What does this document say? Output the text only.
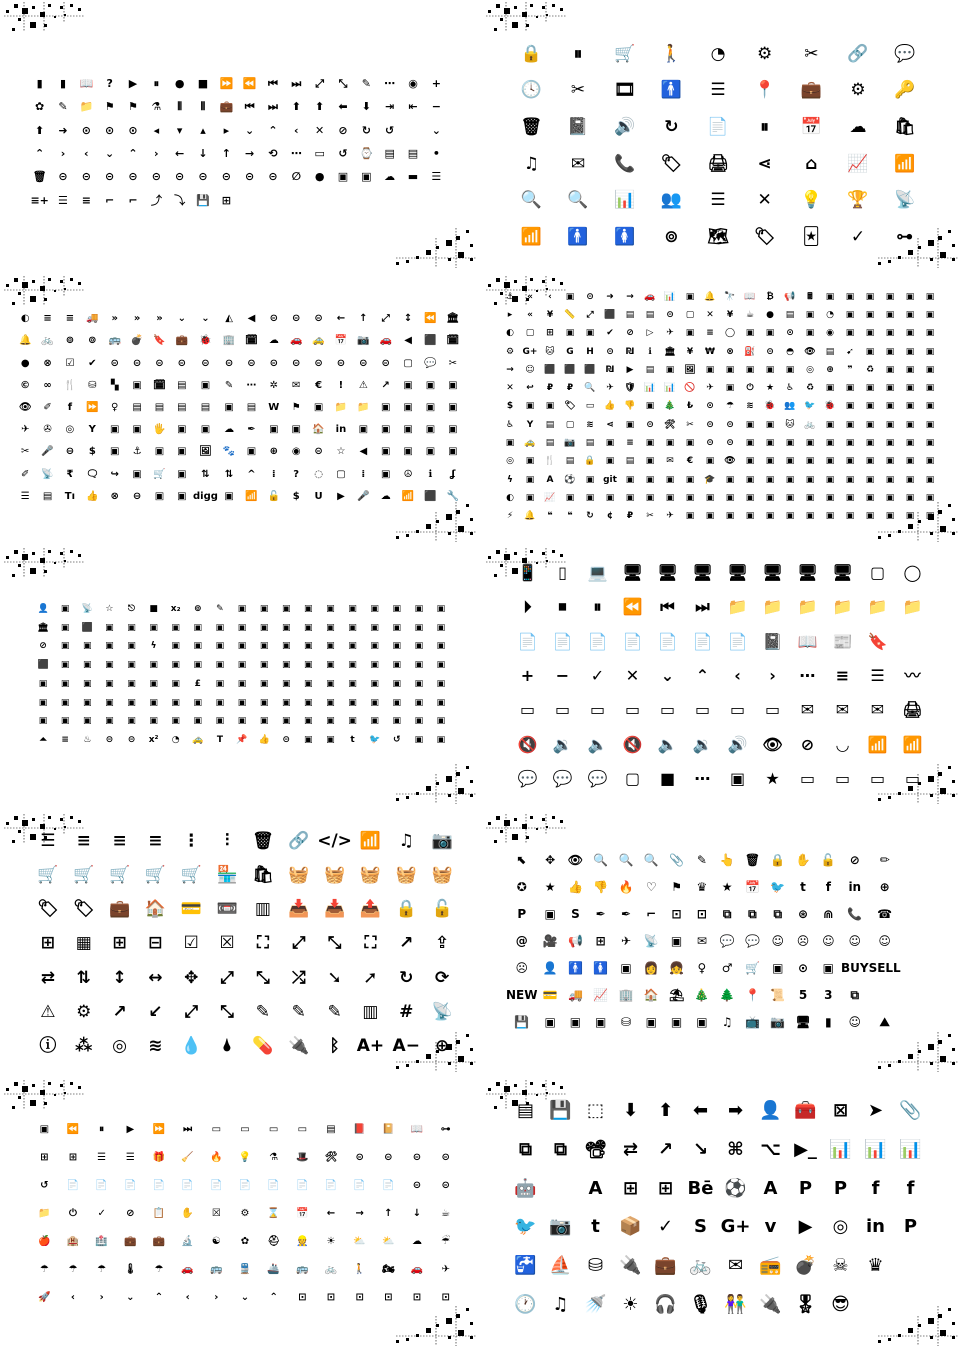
▮ ▮ 📖 ? ▶ ⏸ ● ■ ⏩ ⏪ ⏮ ⏭ ⤢ ⤡ ✎ ⋯ ◉ +
✿ ✎ 📁 ⚑ ⚑ ⚗ ⫴ ⫴ 💼 ⏮ ⏭ ⬆ ⬆ ⬅ ⬇ ⇥ ⇤ −
⬆ ➜ ⊙ ⊙ ⊙ ◂ ▾ ▴ ▸ ⌄ ⌃ ‹ ✕ ⊘ ↻ ↺	⌄
⌃ › ‹ ⌄ ⌃ › ← ↓ ↑ → ⟲ ⋯ ▭ ↺ ⌚ ▤ ▤ •
🗑 ⊝ ⊝ ⊝ ⊝ ⊝ ⊝ ⊝ ⊝ ⊝ ⊝ ∅ ● ▣ ▣ ☁ ▬ ☰
≡+ ☰ ≡ ⌐ ⌐ ⤴ ⤵ 💾 ⊞
🔒 ⏸ 🛒 🚶 ◔ ⚙ ✂ 🔗 💬
🕓 ✂ 🎞 🚹 ☰ 📍 💼 ⚙ 🔑
🗑 📓 🔊 ↻ 📄 ⏸ 📅 ☁ 🛍
♫ ✉ 📞 🏷 🖨 ⋖ ⌂ 📈 📶
🔍 🔍 📊 👥 ☰ ✕ 💡 🏆 📡
📶 🚹 🚺 ⊚ 🗺 🏷 🃏 ✓ ⊶
◐ ≡ ≡ 🚚 » » » ⌄ ⌄ ◭ ◀ ⊝ ⊝ ⊝ ← ↑ ⤢ ↕ ⏪ 🏛
🔔 🚲 ⊚ ⊚ 🚌 💣 🔖 💼 🐞 🏢 🗓 ☁ 🚗 🚕 📅 📷 🚗 ◀ ⬛ 🗓
● ⊗ ☑ ✔ ⊝ ⊝ ⊝ ⊝ ⊝ ⊝ ⊝ ⊝ ⊝ ⊝ ⊝ ⊝ ⊝ ▢ 💬 ✂
© ∞ 🍴 ⛁ ▚ ▣ 🗓 ▤ ▣ ✎ ⋯ ✲ ✉ € ! ⚠ ↗ ▣ ▣ ▣
👁 ✐ f ⏩ ♀ ▤ ▤ ▤ ▤ ▣ ▤ W ⚑ ▣ 📁 📁 ▣ ▣ ▣ ▣
✈ ✇ ◎ Y ▣ ▣ 🖐 ▣ ▣ ☁ ✒ ▣ ▣ 🏠 in ▣ ▣ ▣ ▣ ▣
✂ 🎤 ⊖ $ ▣ ⚓ ▣ ▣ 🖼 🐾 ▣ ⊕ ◉ ⊝ ☆ ◀ ▣ ▣ ▣ ▣
✐ 📡 ₹ 🗨 ↪ ▣ 🛒 ▣ ⇅ ⇅ ^ ⁞ ? ◌ ▢ ⁞ ▣ ☮ ℹ ʆ
☰ ▤ Tı 👍 ⊗ ⊖ ▣ ▣ digg ▣ 📶 🔓 $ U ▶ 🎤 ☁ 📶 ⬛ 🔧
⚓ « ‹ ▣ ⊝ ➜ → 🚗 📊 ▣ 🔔 🔭 📖 ₿ 📢 🖩 ▣ ▣ ▣ ▣ ▣ ▣
▸ « ¥ 📏 ⤢ ⬛ ▤ ▤ ⊝ ▢ ✕ ¥ ☕ ● ▤ ▣ ◔ ▣ ▣ ▣ ▣ ▣
◐ ▢ ⊞ ▣ ▣ ✔ ⊘ ▷ ✈ ▣ ≡ ◯ ▣ ▣ ⊙ ▣ ◉ ▣ ▣ ▣ ▣ ▣
⚙ G+ 🐱 G H ⊝ ₪ ℹ 🏛 ¥ ₩ ⊗ ⛽ ⊝ ◓ 👁 ▤ ➹ ▣ ▣ ▣ ▣
→ ☺ ⬛ ⬛ ⬛ ₪ ▶ ▤ ▣ 🖼 ▣ ▣ ▣ ▣ ▣ ◎ ⊕ ❞ ♻ ▣ ▣ ▣
✕ ↩ ₽ ₽ 🔍 ✈ 🛡 📊 📊 🚫 ✈ ▣ ⏻ ★ ♿ ♻ ▣ ▣ ▣ ▣ ▣ ▣
$ ▣ ▣ 🏷 ▭ 👍 👎 ▣ 🎄 ₺ ⊙ ☂ ≋ 🐞 👥 🐦 🐞 ▣ ▣ ▣ ▣ ▣
♿ Y ▤ ▢ ≋ ⋖ ▣ ⊝ 🛠 ✂ ⊝ ⊝ ▣ ▣ 🐱 🚲 ▣ ▣ ▣ ▣ ▣ ▣
▣ 🚕 ▤ 📷 ▤ ▣ ≡ ▣ ▣ ▣ ⊝ ⊝ ▣ ▣ ▣ ▣ ▣ ▣ ▣ ▣ ▣ ▣
◎ ▣ 🍴 ▤ 🔒 ▣ ▤ ▣ ✉ € ▣ 👁 ▣ ▣ ▣ ▣ ▣ ▣ ▣ ▣ ▣ ▣
ϟ ▣ A ⚽ ▣ git ▣ ▣ ▣ ▣ 🎓 ▣ ▣ ▣ ▣ ▣ ▣ ▣ ▣ ▣ ▣ ▣
◐ ▣ 📈 ▣ ▣ ▣ ▣ ▣ ▣ ▣ ▣ ▣ ▣ ▣ ▣ ▣ ▣ ▣ ▣ ▣ ▣ ▣
⚡ 🔔 ❝ ❝ ↻ ¢ ₽ ✂ ✈ ▣ ▣ ▣ ▣ ▣ ▣ ▣ ▣ ▣ ▣ ▣ ▣ ▣
👤 ▣ 📡 ☆ ⎋ ■ x₂ ⊚ ✎ ▣ ▣ ▣ ▣ ▣ ▣ ▣ ▣ ▣ ▣
🏛 ▣ ⬛ ▣ ▣ ▣ ▣ ▣ ▣ ▣ ▣ ▣ ▣ ▣ ▣ ▣ ▣ ▣ ▣
⊘ ▣ ▣ ▣ ▣ ϟ ▣ ▣ ▣ ▣ ▣ ▣ ▣ ▣ ▣ ▣ ▣ ▣ ▣
⬛ ▣ ▣ ▣ ▣ ▣ ▣ ▣ ▣ ▣ ▣ ▣ ▣ ▣ ▣ ▣ ▣ ▣ ▣
▣ ▣ ▣ ▣ ▣ ▣ ▣ £ ▣ ▣ ▣ ▣ ▣ ▣ ▣ ▣ ▣ ▣ ▣
▣ ▣ ▣ ▣ ▣ ▣ ▣ ▣ ▣ ▣ ▣ ▣ ▣ ▣ ▣ ▣ ▣ ▣ ▣
▣ ▣ ▣ ▣ ▣ ▣ ▣ ▣ ▣ ▣ ▣ ▣ ▣ ▣ ▣ ▣ ▣ ▣ ▣
⏶ ≡ ♨ ⊝ ⊝ x² ◔ 🚕 T 📌 👍 ⊝ ▣ ▣ t 🐦 ↺ ▣ ▣
📱 ▯ 💻 🖥 🖥 🖥 🖥 🖥 🖥 🖥 ▢ ◯
⏵ ⏹ ⏸ ⏪ ⏮ ⏭ 📁 📁 📁 📁 📁 📁
📄 📄 📄 📄 📄 📄 📄 📓 📖 📰 🔖
+ − ✓ ✕ ⌄ ⌃ ‹ › ⋯ ≡ ☰ 〰
▭ ▭ ▭ ▭ ▭ ▭ ▭ ▭ ✉ ✉ ✉ 🖨
🔇 🔉 🔈 🔇 🔈 🔉 🔊 👁 ⊘ ◡ 📶 📶
💬 💬 💬 ▢ ■ ⋯ ▣ ★ ▭ ▭ ▭ ▭
☰ ≡ ≡ ≡ ⋮ ⫶ 🗑 🔗 </> 📶 ♫ 📷
🛒 🛒 🛒 🛒 🛒 🏪 🛍 🧺 🧺 🧺 🧺 🧺
🏷 🏷 💼 🏠 💳 📼 ▥ 📥 📥 📤 🔒 🔓
⊞ ▦ ⊞ ⊟ ☑ ☒ ⛶ ⤢ ⤡ ⛶ ↗ ⇪
⇄ ⇅ ↕ ↔ ✥ ⤢ ⤡ ⤮ ➘ ➚ ↻ ⟳
⚠ ⚙ ↗ ↙ ⤢ ⤡ ✎ ✎ ✎ ▥ # 📡
ⓘ ⁂ ◎ ≋ 💧 🌢 💊 🔌 ᛒ A+ A− ⊕
⬉ ✥ 👁 🔍 🔍 🔍 📎 ✎ 👆 🗑 🔒 ✋ 🔓 ⊘ ✏
✪ ★ 👍 👎 🔥 ♡ ⚑ ♛ ★ 📅 🐦 t f in ⊕
P ▣ S ✒ ✒ ⌐ ⊡ ⊡ ⧉ ⧉ ⧉ ⊛ ⋒ 📞 ☎
@ 🎥 📢 ⊞ ✈ 📡 ▣ ✉ 💬 💬 ☺ ☹ ☺ ☺ ☺
☹ 👤 🚹 🚺 ▣ 👩 👧 ♀ ♂ 🛒 ▣ ⊙ ▣ BUY SELL
NEW 💳 🚚 📈 🏢 🏠 ⛱ 🎄 🌲 📍 📜 5 3 ⧉
💾 ▣ ▣ ▣ ⛁ ▣ ▣ ▣ ♫ 📺 📷 🖥 ▮ ☺ ⛰
▣ ⏪ ⏸ ▶ ⏩ ⏭ ▭ ▭ ▭ ▭ ▤ 📕 📔 📖 ⊶
⊞ ⊞ ☰ ☰ 🎁 🧹 🔥 💡 ⚗ 🎩 🛠 ⊝ ⊝ ⊝ ⊝
↺ 📄 📄 📄 📄 📄 📄 📄 📄 📄 📄 📄 📄 ⊝ ⊝
📁 ⏻ ✓ ⊘ 📋 ✋ ☒ ⚙ ⌛ 📅 ← → ↑ ↓ ☕
🍎 🏨 🏥 💼 💼 🔬 ☯ ✿ ⛑ 👷 ☀ ⛅ ⛅ ☁ ☔
☂ ☂ ☂ 🌡 ☂ 🚗 🚌 🚆 🚢 🚌 🚲 🚶 🏍 🚗 ✈
🚀 ‹ › ⌄ ⌃ ‹ › ⌄ ⌃ ⊡ ⊡ ⊡ ⊡ ⊡ ⊡
▤ 💾 ⬚ ⬇ ⬆ ⬅ ➡ 👤 🧰 ⊠ ➤ 📎
⧉ ⧉ 📽 ⇄ ↗ ↘ ⌘ ⌥ ▶_ 📊 📊 📊
🤖	A ⊞ ⊞ Bē ⚽ A P P f f
🐦 📷 t 📦 ✓ S G+ v ▶ ◎ in P
🚰 ⛵ ⛁ 🔌 💼 🚲 ✉ 📻 💣 ☠ ♛
🕐 ♫ 🚿 ☀ 🎧 🎙 👫 🔌 🎖 😎
